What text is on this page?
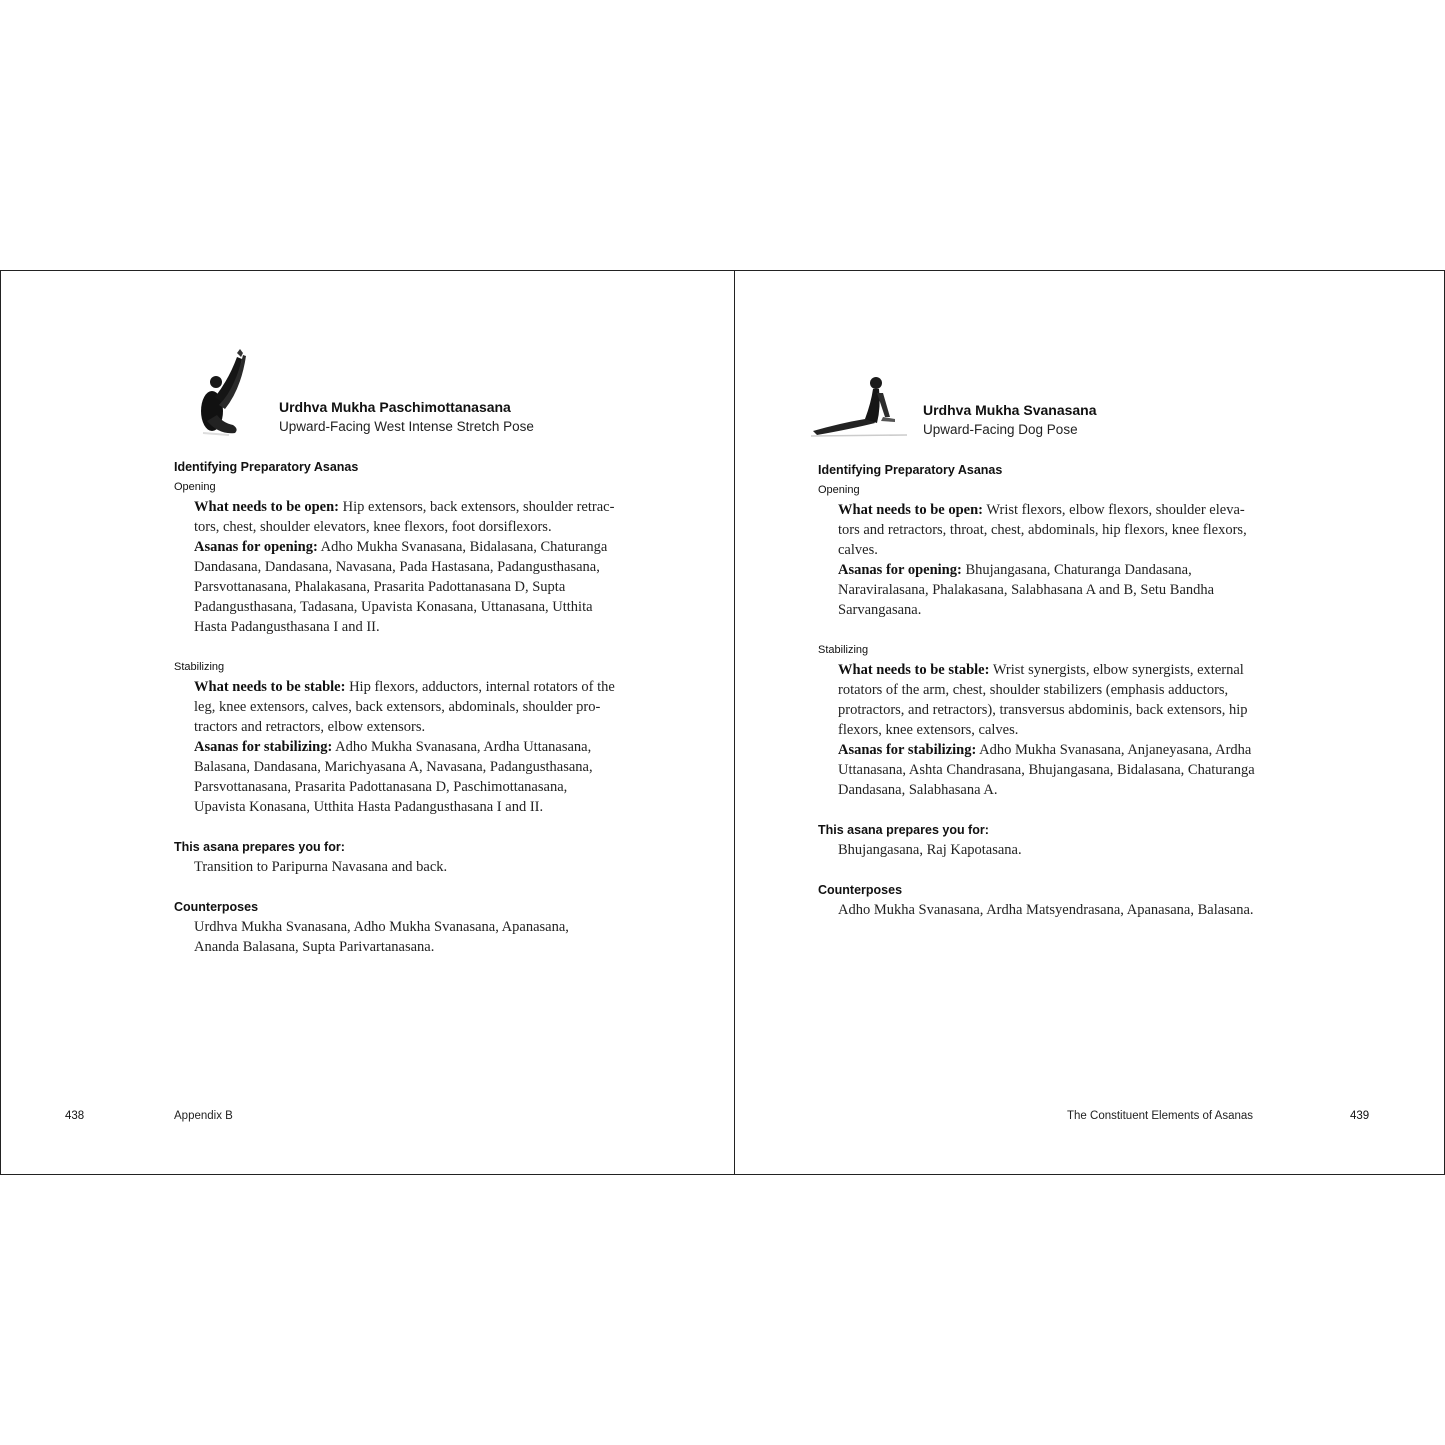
Urdhva Mukha Paschimottanasana
Upward-Facing West Intense Stretch Pose
Identifying Preparatory Asanas
Opening
What needs to be open: Hip extensors, back extensors, shoulder retrac-
tors, chest, shoulder elevators, knee flexors, foot dorsiflexors.
Asanas for opening: Adho Mukha Svanasana, Bidalasana, Chaturanga
Dandasana, Dandasana, Navasana, Pada Hastasana, Padangusthasana,
Parsvottanasana, Phalakasana, Prasarita Padottanasana D, Supta
Padangusthasana, Tadasana, Upavista Konasana, Uttanasana, Utthita
Hasta Padangusthasana I and II.
Stabilizing
What needs to be stable: Hip flexors, adductors, internal rotators of the
leg, knee extensors, calves, back extensors, abdominals, shoulder pro-
tractors and retractors, elbow extensors.
Asanas for stabilizing: Adho Mukha Svanasana, Ardha Uttanasana,
Balasana, Dandasana, Marichyasana A, Navasana, Padangusthasana,
Parsvottanasana, Prasarita Padottanasana D, Paschimottanasana,
Upavista Konasana, Utthita Hasta Padangusthasana I and II.
This asana prepares you for:
Transition to Paripurna Navasana and back.
Counterposes
Urdhva Mukha Svanasana, Adho Mukha Svanasana, Apanasana,
Ananda Balasana, Supta Parivartanasana.
438	Appendix B
Urdhva Mukha Svanasana
Upward-Facing Dog Pose
Identifying Preparatory Asanas
Opening
What needs to be open: Wrist flexors, elbow flexors, shoulder eleva-
tors and retractors, throat, chest, abdominals, hip flexors, knee flexors,
calves.
Asanas for opening: Bhujangasana, Chaturanga Dandasana,
Naraviralasana, Phalakasana, Salabhasana A and B, Setu Bandha
Sarvangasana.
Stabilizing
What needs to be stable: Wrist synergists, elbow synergists, external
rotators of the arm, chest, shoulder stabilizers (emphasis adductors,
protractors, and retractors), transversus abdominis, back extensors, hip
flexors, knee extensors, calves.
Asanas for stabilizing: Adho Mukha Svanasana, Anjaneyasana, Ardha
Uttanasana, Ashta Chandrasana, Bhujangasana, Bidalasana, Chaturanga
Dandasana, Salabhasana A.
This asana prepares you for:
Bhujangasana, Raj Kapotasana.
Counterposes
Adho Mukha Svanasana, Ardha Matsyendrasana, Apanasana, Balasana.
The Constituent Elements of Asanas	439
